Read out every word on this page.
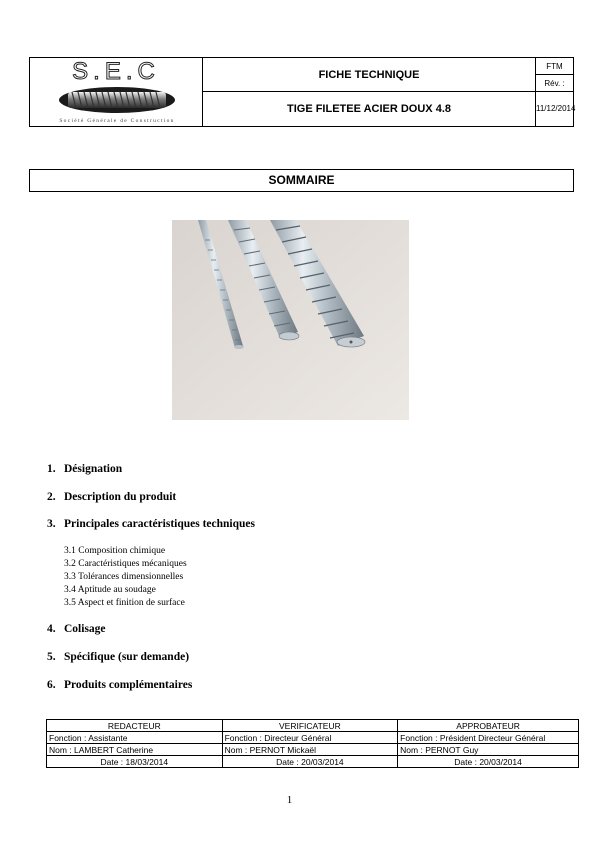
S.E.C
Société Générale de Construction
FICHE TECHNIQUE
TIGE FILETEE ACIER DOUX 4.8
FTM
Rév. :
11/12/2014
SOMMAIRE
1. Désignation
2. Description du produit
3. Principales caractéristiques techniques
3.1 Composition chimique
3.2 Caractéristiques mécaniques
3.3 Tolérances dimensionnelles
3.4 Aptitude au soudage
3.5 Aspect et finition de surface
4. Colisage
5. Spécifique (sur demande)
6. Produits complémentaires
REDACTEUR	VERIFICATEUR	APPROBATEUR
Fonction : Assistante	Fonction : Directeur Général	Fonction : Président Directeur Général
Nom : LAMBERT Catherine	Nom : PERNOT Mickaël	Nom : PERNOT Guy
Date : 18/03/2014	Date : 20/03/2014	Date : 20/03/2014
1
